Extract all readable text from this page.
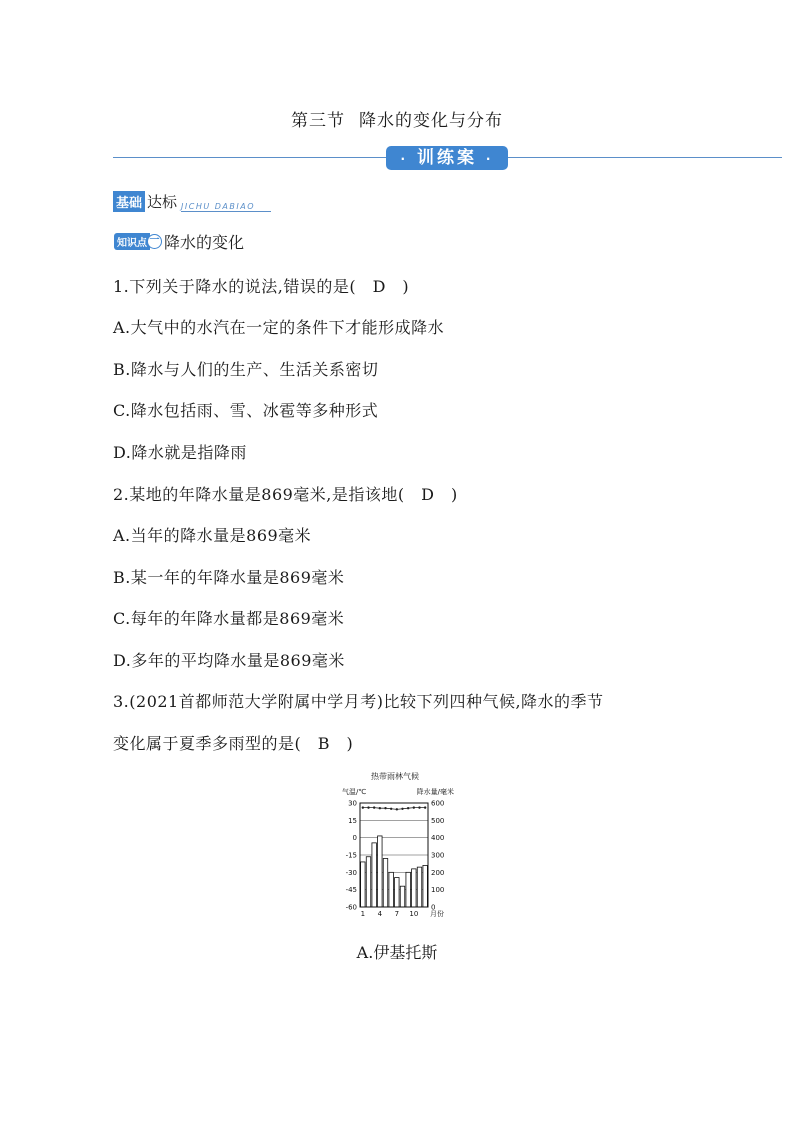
第三节 降水的变化与分布
· 训练案 ·
基础 达标 JICHU DABIAO
知识点 一 降水的变化
1.下列关于降水的说法,错误的是(　D　)
A.大气中的水汽在一定的条件下才能形成降水
B.降水与人们的生产、生活关系密切
C.降水包括雨、雪、冰雹等多种形式
D.降水就是指降雨
2.某地的年降水量是869毫米,是指该地(　D　)
A.当年的降水量是869毫米
B.某一年的年降水量是869毫米
C.每年的年降水量都是869毫米
D.多年的平均降水量是869毫米
3.(2021首都师范大学附属中学月考)比较下列四种气候,降水的季节
变化属于夏季多雨型的是(　B　)
热带雨林气候
气温/℃	降水量/毫米
30	600
15	500
0	400
-15	300
-30	200
-45	100
-60	0
1 4 7 10 月份
A.伊基托斯
